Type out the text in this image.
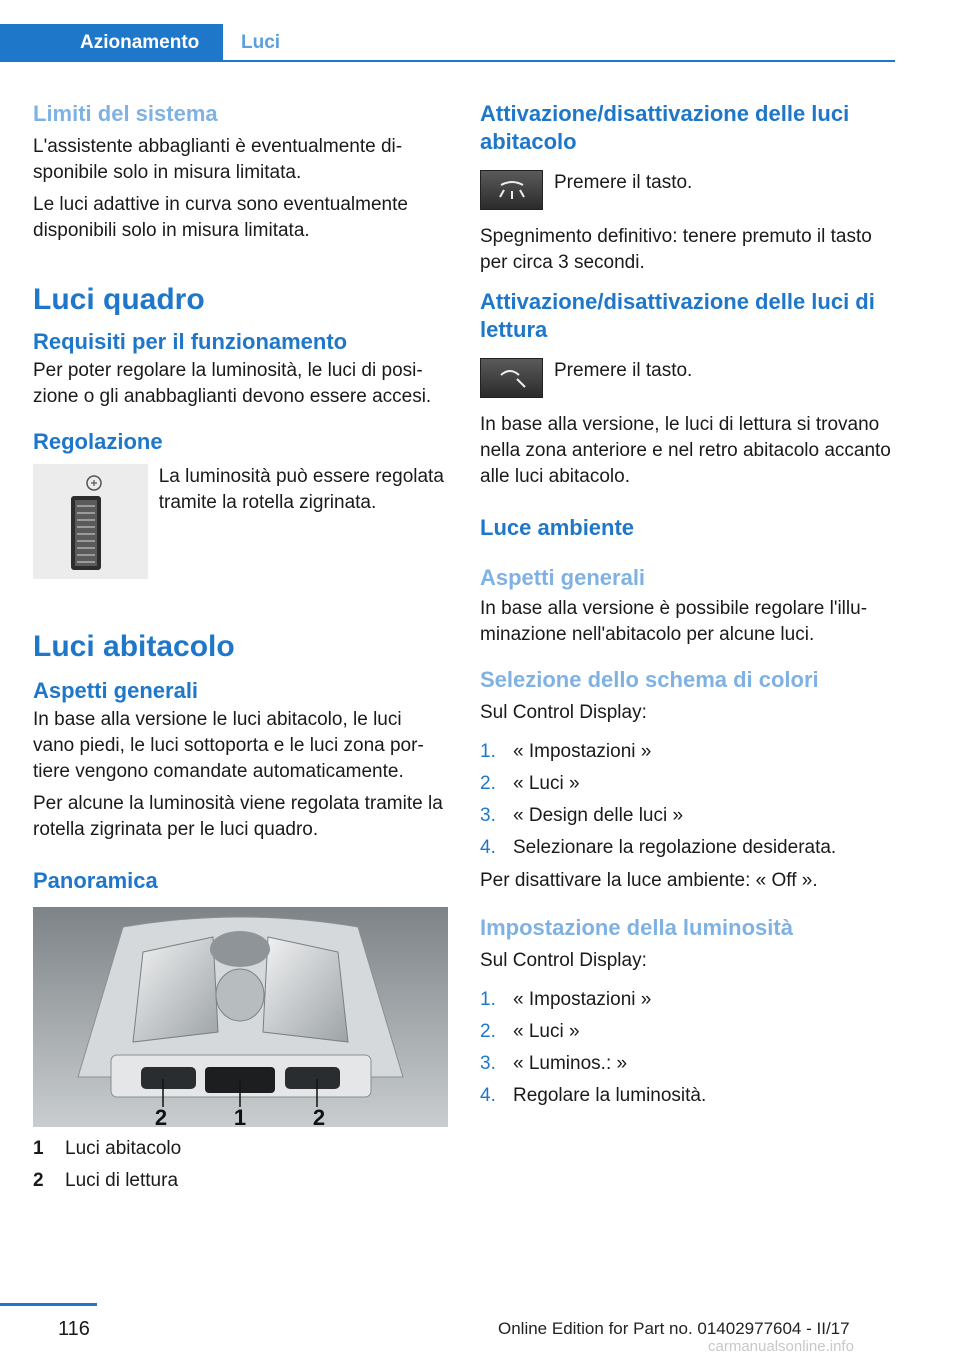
Azionamento	Luci
Limiti del sistema

L'assistente abbaglianti è eventualmente disponibile solo in misura limitata.

Le luci adattive in curva sono eventualmente disponibili solo in misura limitata.

Luci quadro
Requisiti per il funzionamento

Per poter regolare la luminosità, le luci di posizione o gli anabbaglianti devono essere accesi.

Regolazione

La luminosità può essere regolata tramite la rotella zigrinata.

Luci abitacolo
Aspetti generali

In base alla versione le luci abitacolo, le luci vano piedi, le luci sottoporta e le luci zona portiere vengono comandate automaticamente.

Per alcune la luminosità viene regolata tramite la rotella zigrinata per le luci quadro.

Panoramica
2	1	2
1	Luci abitacolo
2	Luci di lettura
Attivazione/disattivazione delle luci abitacolo

Premere il tasto.

Spegnimento definitivo: tenere premuto il tasto per circa 3 secondi.

Attivazione/disattivazione delle luci di lettura

Premere il tasto.

In base alla versione, le luci di lettura si trovano nella zona anteriore e nel retro abitacolo accanto alle luci abitacolo.

Luce ambiente
Aspetti generali

In base alla versione è possibile regolare l'illuminazione nell'abitacolo per alcune luci.

Selezione dello schema di colori

Sul Control Display:

1. « Impostazioni »
2. « Luci »
3. « Design delle luci »
4. Selezionare la regolazione desiderata.

Per disattivare la luce ambiente: « Off ».

Impostazione della luminosità

Sul Control Display:

1. « Impostazioni »
2. « Luci »
3. « Luminos.: »
4. Regolare la luminosità.
116	Online Edition for Part no. 01402977604 - II/17
carmanualsonline.info
